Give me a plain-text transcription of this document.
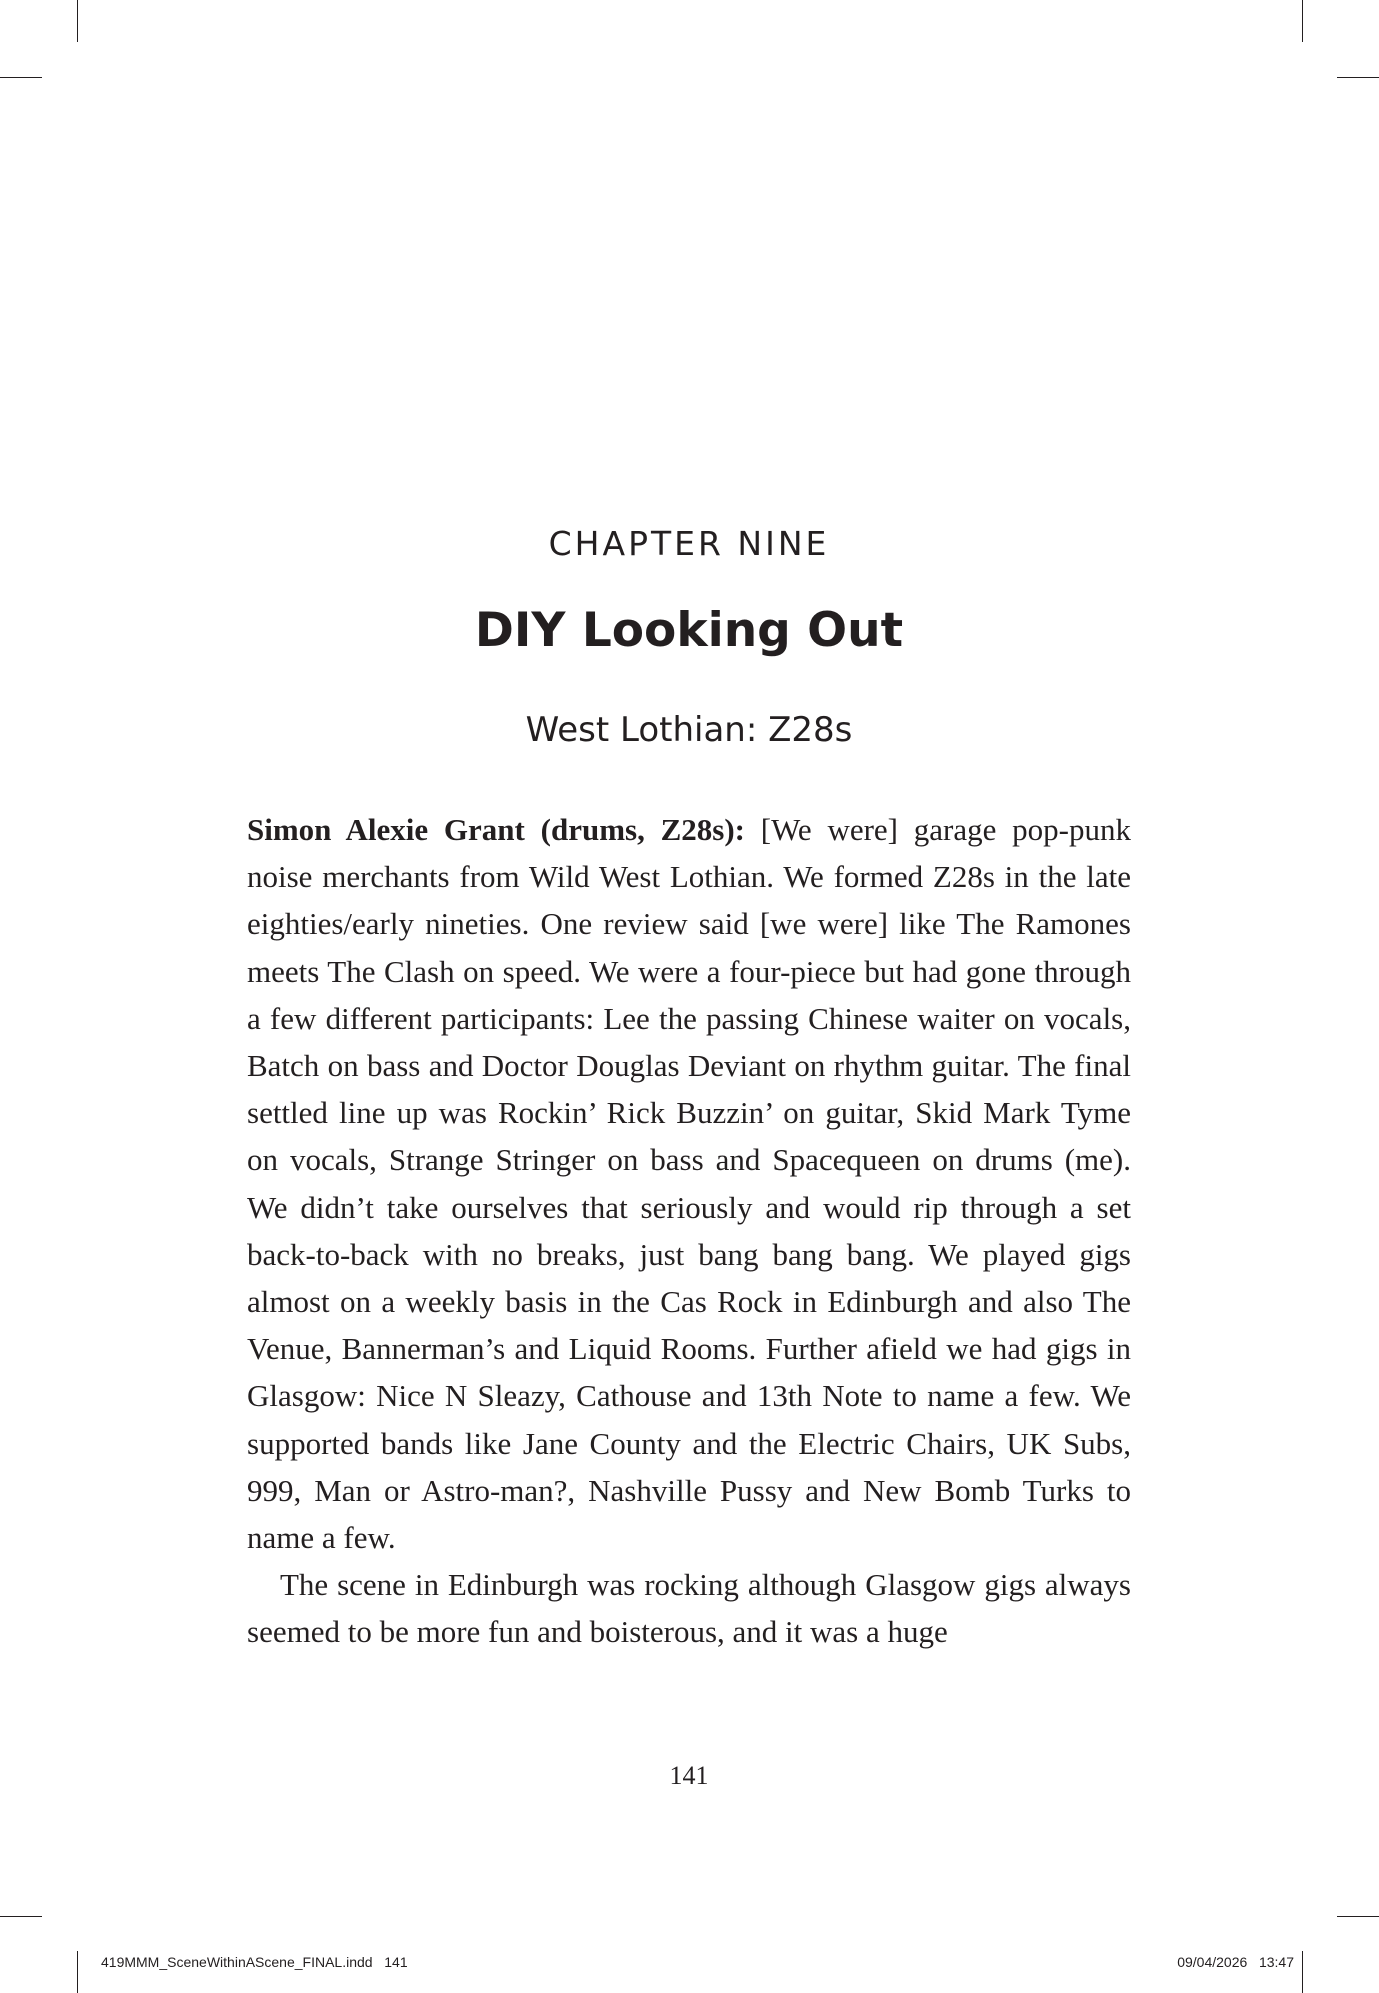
CHAPTER NINE
DIY Looking Out
West Lothian: Z28s

Simon Alexie Grant (drums, Z28s): [We were] garage pop-punk noise merchants from Wild West Lothian. We formed Z28s in the late eighties/early nineties. One review said [we were] like The Ramones meets The Clash on speed. We were a four-piece but had gone through a few different participants: Lee the passing Chinese waiter on vocals, Batch on bass and Doctor Douglas Deviant on rhythm guitar. The final settled line up was Rockin’ Rick Buzzin’ on guitar, Skid Mark Tyme on vocals, Strange Stringer on bass and Spacequeen on drums (me). We didn’t take ourselves that seriously and would rip through a set back-to-back with no breaks, just bang bang bang. We played gigs almost on a weekly basis in the Cas Rock in Edinburgh and also The Venue, Bannerman’s and Liquid Rooms. Further afield we had gigs in Glasgow: Nice N Sleazy, Cathouse and 13th Note to name a few. We supported bands like Jane County and the Electric Chairs, UK Subs, 999, Man or Astro-man?, Nashville Pussy and New Bomb Turks to name a few.

The scene in Edinburgh was rocking although Glasgow gigs always seemed to be more fun and boisterous, and it was a huge

141
419MMM_SceneWithinAScene_FINAL.indd   141	09/04/2026   13:47
